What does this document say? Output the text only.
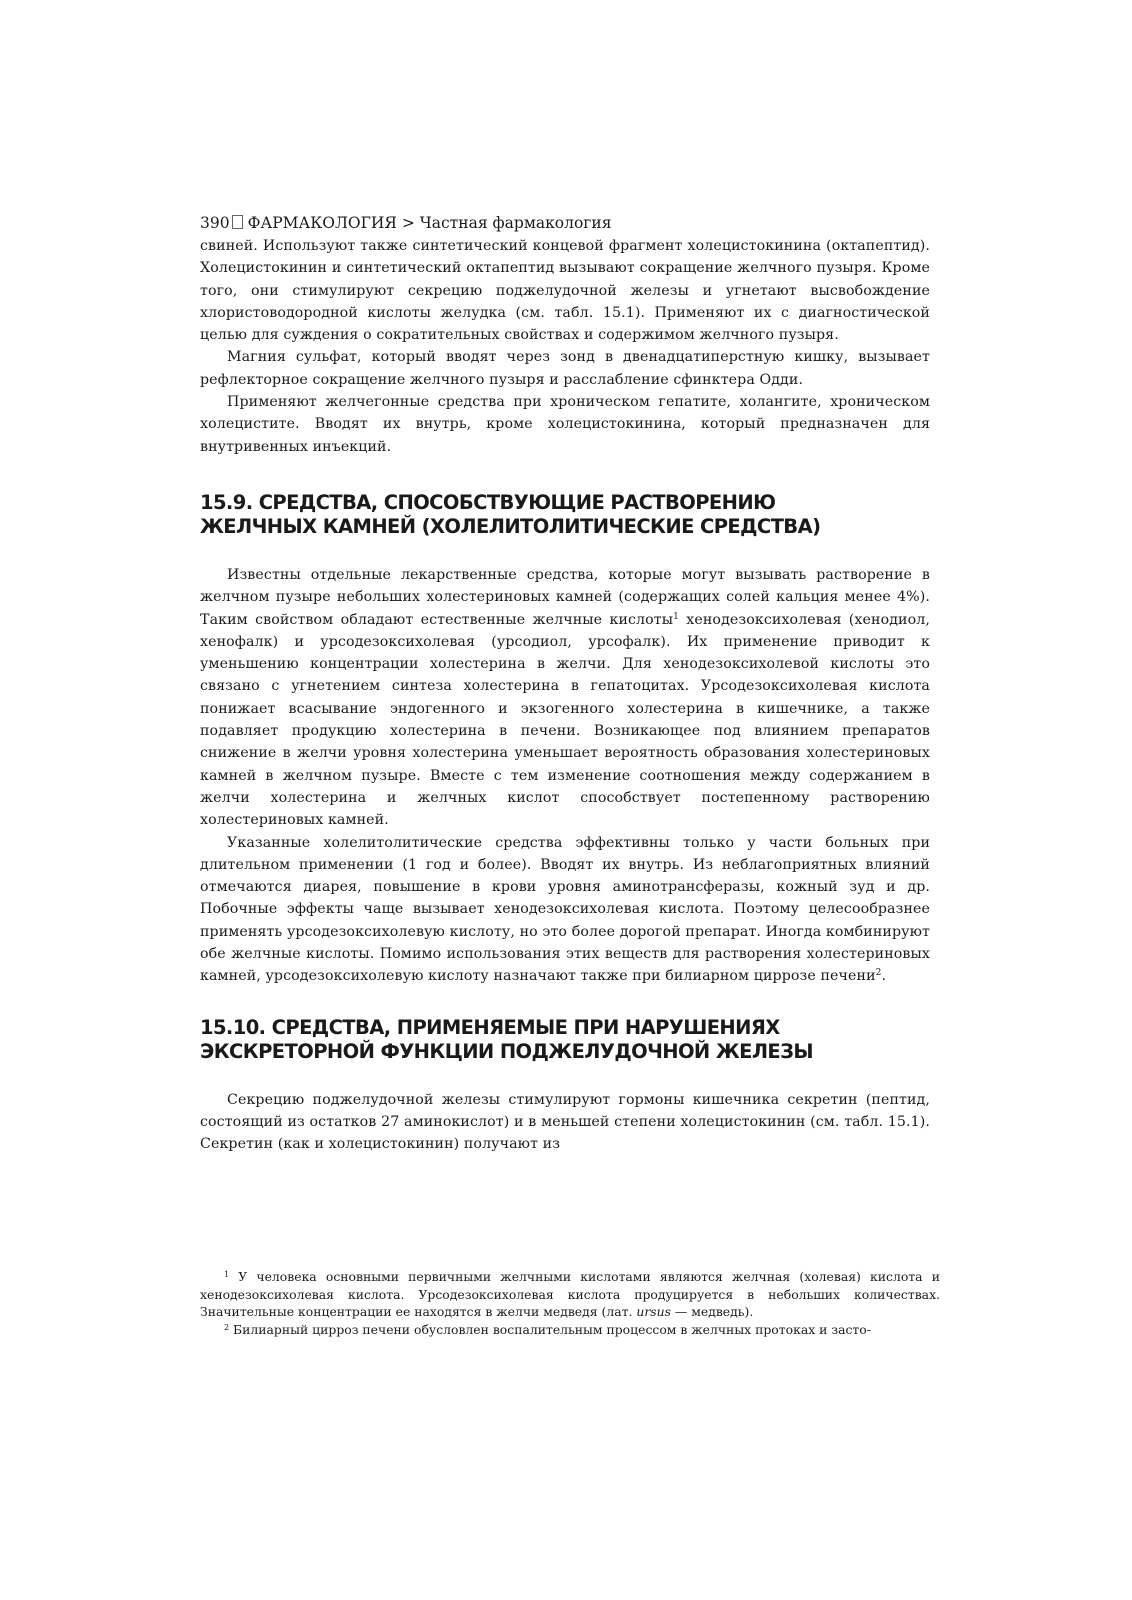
390 ФАРМАКОЛОГИЯ > Частная фармакология

свиней. Используют также синтетический концевой фрагмент холецистокинина (октапептид). Холецистокинин и синтетический октапептид вызывают сокращение желчного пузыря. Кроме того, они стимулируют секрецию поджелудочной железы и угнетают высвобождение хлористоводородной кислоты желудка (см. табл. 15.1). Применяют их с диагностической целью для суждения о сократительных свойствах и содержимом желчного пузыря.

Магния сульфат, который вводят через зонд в двенадцатиперстную кишку, вызывает рефлекторное сокращение желчного пузыря и расслабление сфинктера Одди.

Применяют желчегонные средства при хроническом гепатите, холангите, хроническом холецистите. Вводят их внутрь, кроме холецистокинина, который предназначен для внутривенных инъекций.

15.9. СРЕДСТВА, СПОСОБСТВУЮЩИЕ РАСТВОРЕНИЮ
ЖЕЛЧНЫХ КАМНЕЙ (ХОЛЕЛИТОЛИТИЧЕСКИЕ СРЕДСТВА)

Известны отдельные лекарственные средства, которые могут вызывать растворение в желчном пузыре небольших холестериновых камней (содержащих солей кальция менее 4%). Таким свойством обладают естественные желчные кислоты$^1$ хенодезоксихолевая (хенодиол, хенофалк) и урсодезоксихолевая (урсодиол, урсофалк). Их применение приводит к уменьшению концентрации холестерина в желчи. Для хенодезоксихолевой кислоты это связано с угнетением синтеза холестерина в гепатоцитах. Урсодезоксихолевая кислота понижает всасывание эндогенного и экзогенного холестерина в кишечнике, а также подавляет продукцию холестерина в печени. Возникающее под влиянием препаратов снижение в желчи уровня холестерина уменьшает вероятность образования холестериновых камней в желчном пузыре. Вместе с тем изменение соотношения между содержанием в желчи холестерина и желчных кислот способствует постепенному растворению холестериновых камней.

Указанные холелитолитические средства эффективны только у части больных при длительном применении (1 год и более). Вводят их внутрь. Из неблагоприятных влияний отмечаются диарея, повышение в крови уровня аминотрансферазы, кожный зуд и др. Побочные эффекты чаще вызывает хенодезоксихолевая кислота. Поэтому целесообразнее применять урсодезоксихолевую кислоту, но это более дорогой препарат. Иногда комбинируют обе желчные кислоты. Помимо использования этих веществ для растворения холестериновых камней, урсодезоксихолевую кислоту назначают также при билиарном циррозе печени$^2$.

15.10. СРЕДСТВА, ПРИМЕНЯЕМЫЕ ПРИ НАРУШЕНИЯХ
ЭКСКРЕТОРНОЙ ФУНКЦИИ ПОДЖЕЛУДОЧНОЙ ЖЕЛЕЗЫ

Секрецию поджелудочной железы стимулируют гормоны кишечника секретин (пептид, состоящий из остатков 27 аминокислот) и в меньшей степени холецистокинин (см. табл. 15.1). Секретин (как и холецистокинин) получают из

$^1$ У человека основными первичными желчными кислотами являются желчная (холевая) кислота и хенодезоксихолевая кислота. Урсодезоксихолевая кислота продуцируется в небольших количествах. Значительные концентрации ее находятся в желчи медведя (лат. ursus — медведь).

$^2$ Билиарный цирроз печени обусловлен воспалительным процессом в желчных протоках и засто-
